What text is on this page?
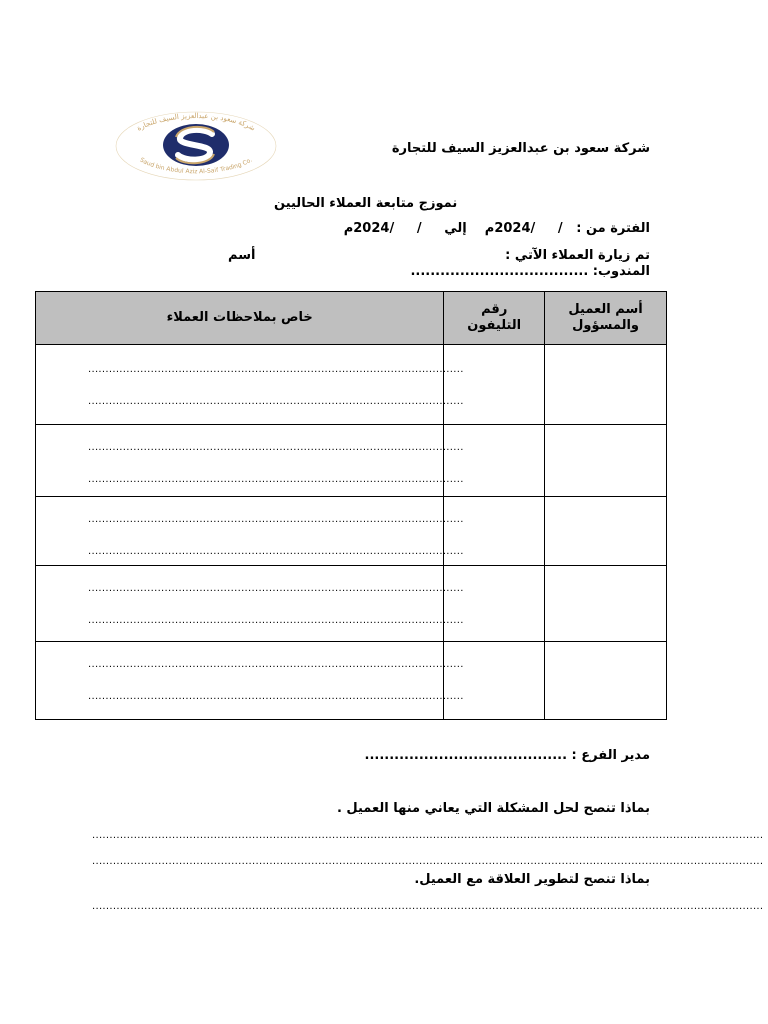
شركة سعود بن عبدالعزيز السيف للتجارة
Saud bin Abdul Aziz Al-Saif Trading Co.
شركة سعود بن عبدالعزيز السيف للتجارة
نموزج متابعة العملاء الحاليين
الفترة من :   /     /2024م    إلي     /     /2024م
تم زيارة العملاء الآتي :
أسم
المندوب: ....................................
خاص بملاحظات العملاء	رقم التليفون	أسم العميل والمسؤول

............................................................................................................
............................................................................................................		

............................................................................................................
............................................................................................................		

............................................................................................................
............................................................................................................		

............................................................................................................
............................................................................................................		

............................................................................................................
............................................................................................................		

مدير الفرع : .........................................
بماذا تنصح لحل المشكلة التي يعاني منها العميل .
.................................................................................................................................................................................................
.................................................................................................................................................................................................
بماذا تنصح لتطوير العلاقة مع العميل.
.................................................................................................................................................................................................
